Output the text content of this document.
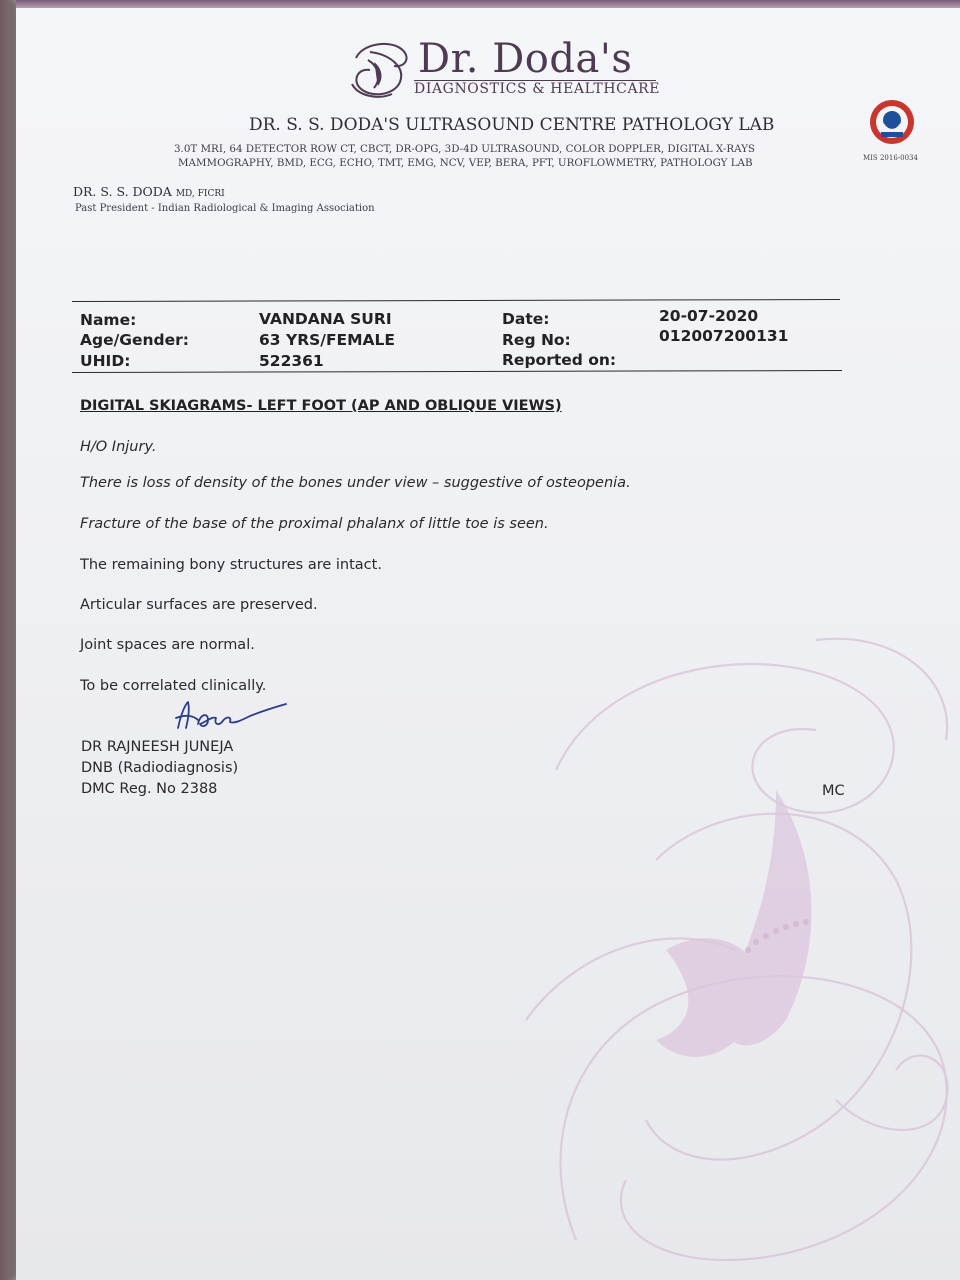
Dr. Doda's
DIAGNOSTICS & HEALTHCARE
DR. S. S. DODA'S ULTRASOUND CENTRE PATHOLOGY LAB
3.0T MRI, 64 DETECTOR ROW CT, CBCT, DR-OPG, 3D-4D ULTRASOUND, COLOR DOPPLER, DIGITAL X-RAYS
MAMMOGRAPHY, BMD, ECG, ECHO, TMT, EMG, NCV, VEP, BERA, PFT, UROFLOWMETRY, PATHOLOGY LAB	MIS 2016-0034
DR. S. S. DODA MD, FICRI
Past President - Indian Radiological & Imaging Association
Name:
Age/Gender:
UHID:
VANDANA SURI
63 YRS/FEMALE
522361
Date:
Reg No:
Reported on:
20-07-2020
012007200131
DIGITAL SKIAGRAMS- LEFT FOOT (AP AND OBLIQUE VIEWS)
H/O Injury.
There is loss of density of the bones under view – suggestive of osteopenia.
Fracture of the base of the proximal phalanx of little toe is seen.
The remaining bony structures are intact.
Articular surfaces are preserved.
Joint spaces are normal.
To be correlated clinically.
DR RAJNEESH JUNEJA
DNB (Radiodiagnosis)
DMC Reg. No 2388	MC
